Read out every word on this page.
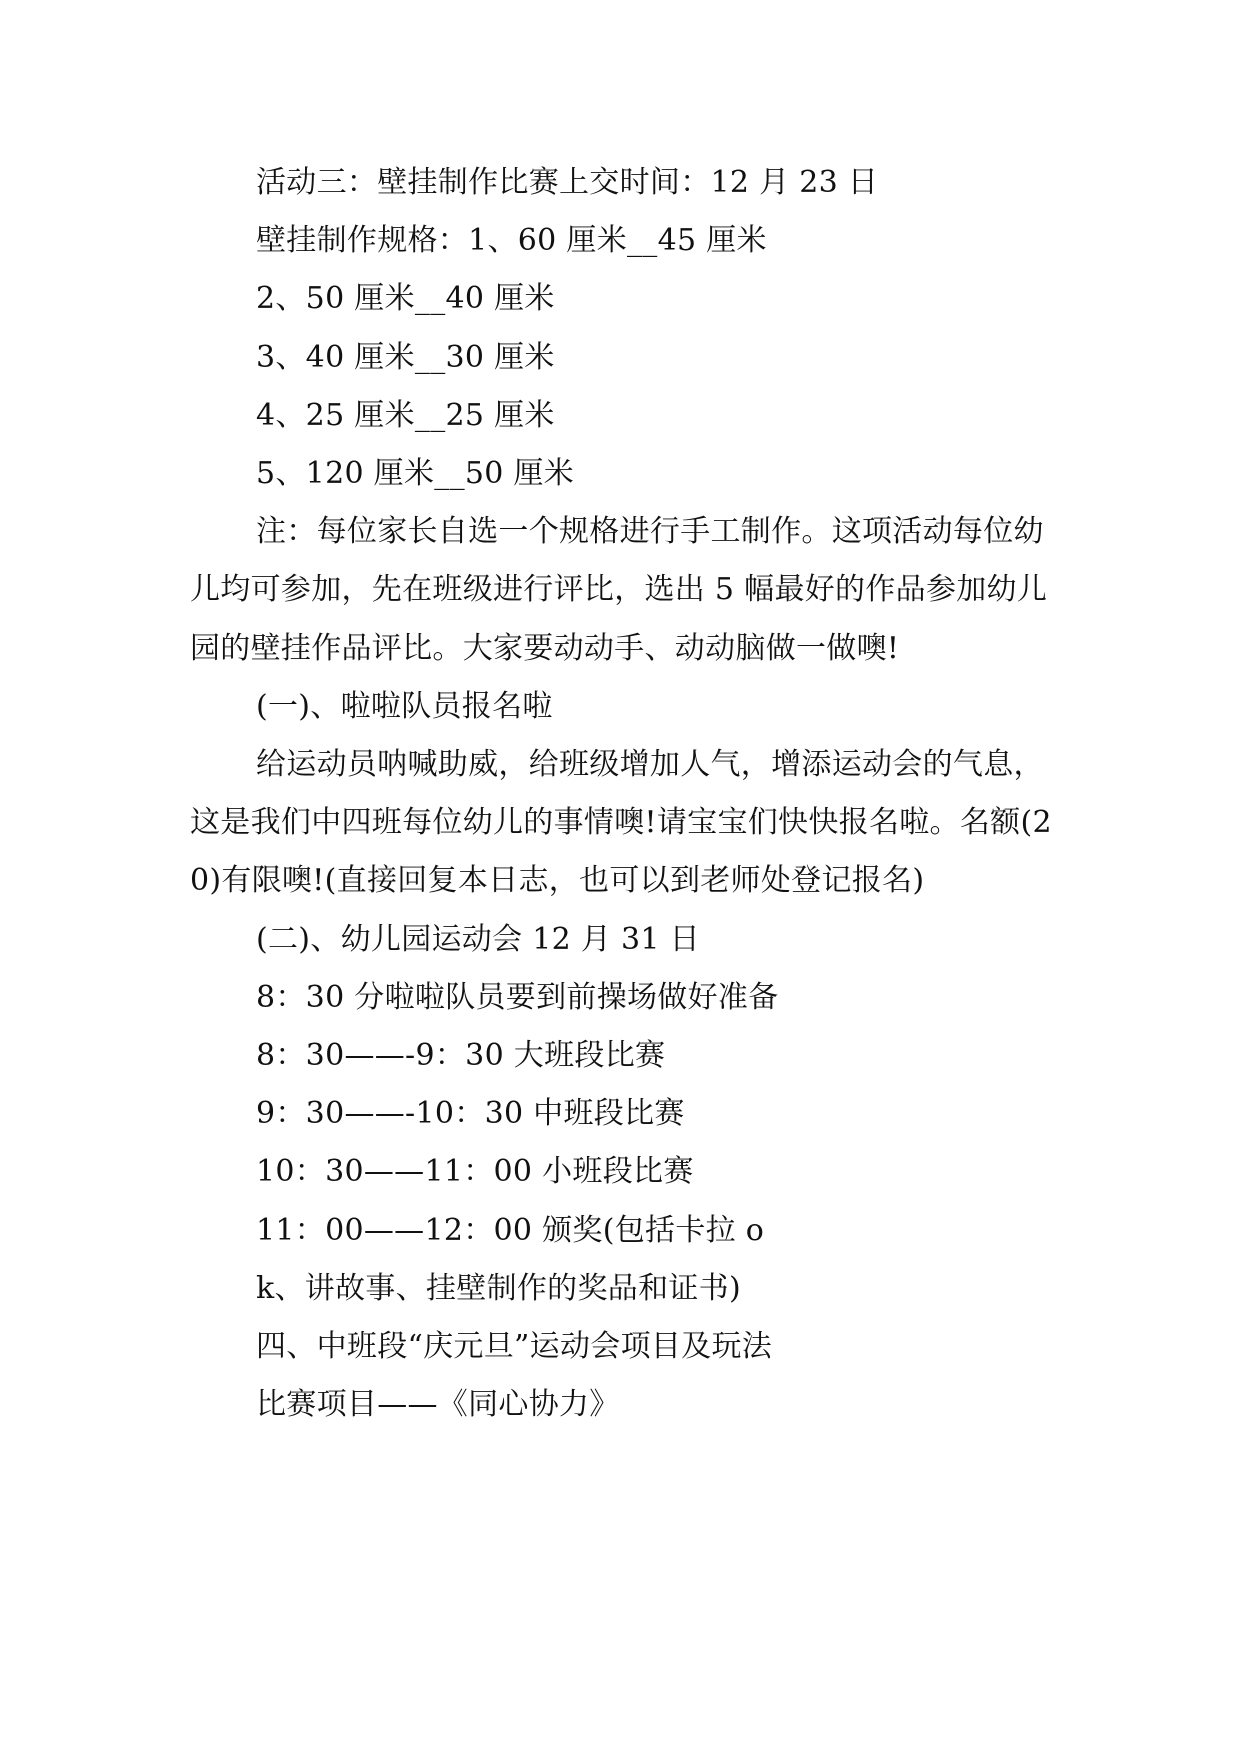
活动三：壁挂制作比赛上交时间：12 月 23 日

壁挂制作规格：1、60 厘米__45 厘米

2、50 厘米__40 厘米

3、40 厘米__30 厘米

4、25 厘米__25 厘米

5、120 厘米__50 厘米

注：每位家长自选一个规格进行手工制作。这项活动每位幼儿均可参加，先在班级进行评比，选出 5 幅最好的作品参加幼儿园的壁挂作品评比。大家要动动手、动动脑做一做噢!

(一)、啦啦队员报名啦

给运动员呐喊助威，给班级增加人气，增添运动会的气息，这是我们中四班每位幼儿的事情噢!请宝宝们快快报名啦。名额(20)有限噢!(直接回复本日志，也可以到老师处登记报名)

(二)、幼儿园运动会 12 月 31 日

8：30 分啦啦队员要到前操场做好准备

8：30——-9：30 大班段比赛

9：30——-10：30 中班段比赛

10：30——11：00 小班段比赛

11：00——12：00 颁奖(包括卡拉 o

k、讲故事、挂壁制作的奖品和证书)

四、中班段“庆元旦”运动会项目及玩法

比赛项目——《同心协力》
